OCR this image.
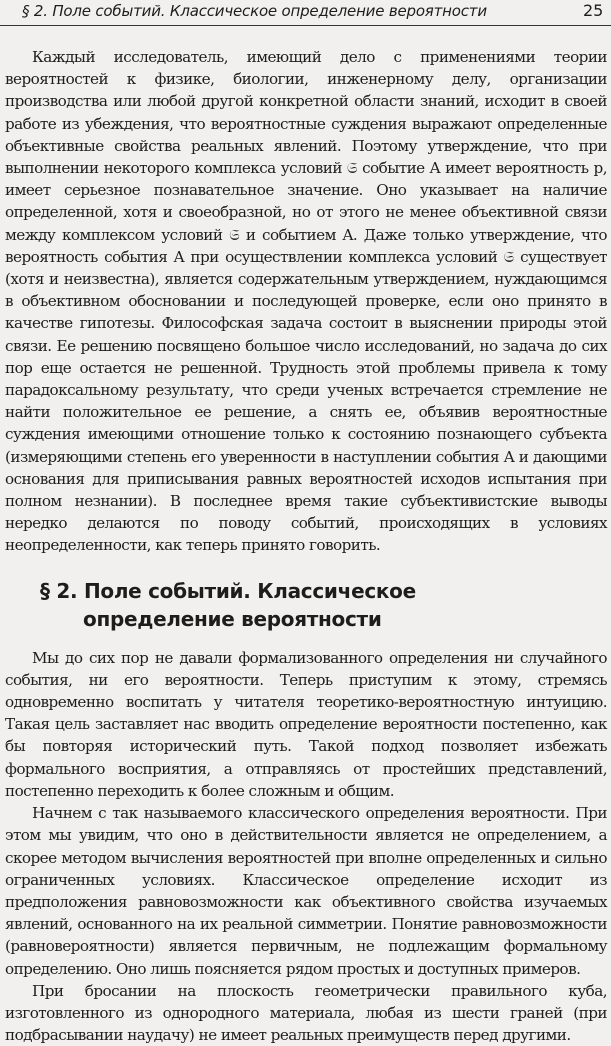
§ 2. Поле событий. Классическое определение вероятности	25

Каждый исследователь, имеющий дело с применениями теории вероятностей к физике, биологии, инженерному делу, организации производства или любой другой конкретной области знаний, исходит в своей работе из убеждения, что вероятностные суждения выражают определенные объективные свойства реальных явлений. Поэтому утверждение, что при выполнении некоторого комплекса условий 𝔖 событие A имеет вероятность p, имеет серьезное познавательное значение. Оно указывает на наличие определенной, хотя и своеобразной, но от этого не менее объективной связи между комплексом условий 𝔖 и событием A. Даже только утверждение, что вероятность события A при осуществлении комплекса условий 𝔖 существует (хотя и неизвестна), является содержательным утверждением, нуждающимся в объективном обосновании и последующей проверке, если оно принято в качестве гипотезы. Философская задача состоит в выяснении природы этой связи. Ее решению посвящено большое число исследований, но задача до сих пор еще остается не решенной. Трудность этой проблемы привела к тому парадоксальному результату, что среди ученых встречается стремление не найти положительное ее решение, а снять ее, объявив вероятностные суждения имеющими отношение только к состоянию познающего субъекта (измеряющими степень его уверенности в наступлении события A и дающими основания для приписывания равных вероятностей исходов испытания при полном незнании). В последнее время такие субъективистские выводы нередко делаются по поводу событий, происходящих в условиях неопределенности, как теперь принято говорить.

§ 2. Поле событий. Классическое
определение вероятности

Мы до сих пор не давали формализованного определения ни случайного события, ни его вероятности. Теперь приступим к этому, стремясь одновременно воспитать у читателя теоретико-вероятностную интуицию. Такая цель заставляет нас вводить определение вероятности постепенно, как бы повторяя исторический путь. Такой подход позволяет избежать формального восприятия, а отправляясь от простейших представлений, постепенно переходить к более сложным и общим.

Начнем с так называемого классического определения вероятности. При этом мы увидим, что оно в действительности является не определением, а скорее методом вычисления вероятностей при вполне определенных и сильно ограниченных условиях. Классическое определение исходит из предположения равновозможности как объективного свойства изучаемых явлений, основанного на их реальной симметрии. Понятие равновозможности (равновероятности) является первичным, не подлежащим формальному определению. Оно лишь поясняется рядом простых и доступных примеров.

При бросании на плоскость геометрически правильного куба, изготовленного из однородного материала, любая из шести граней (при подбрасывании наудачу) не имеет реальных преимуществ перед другими.
